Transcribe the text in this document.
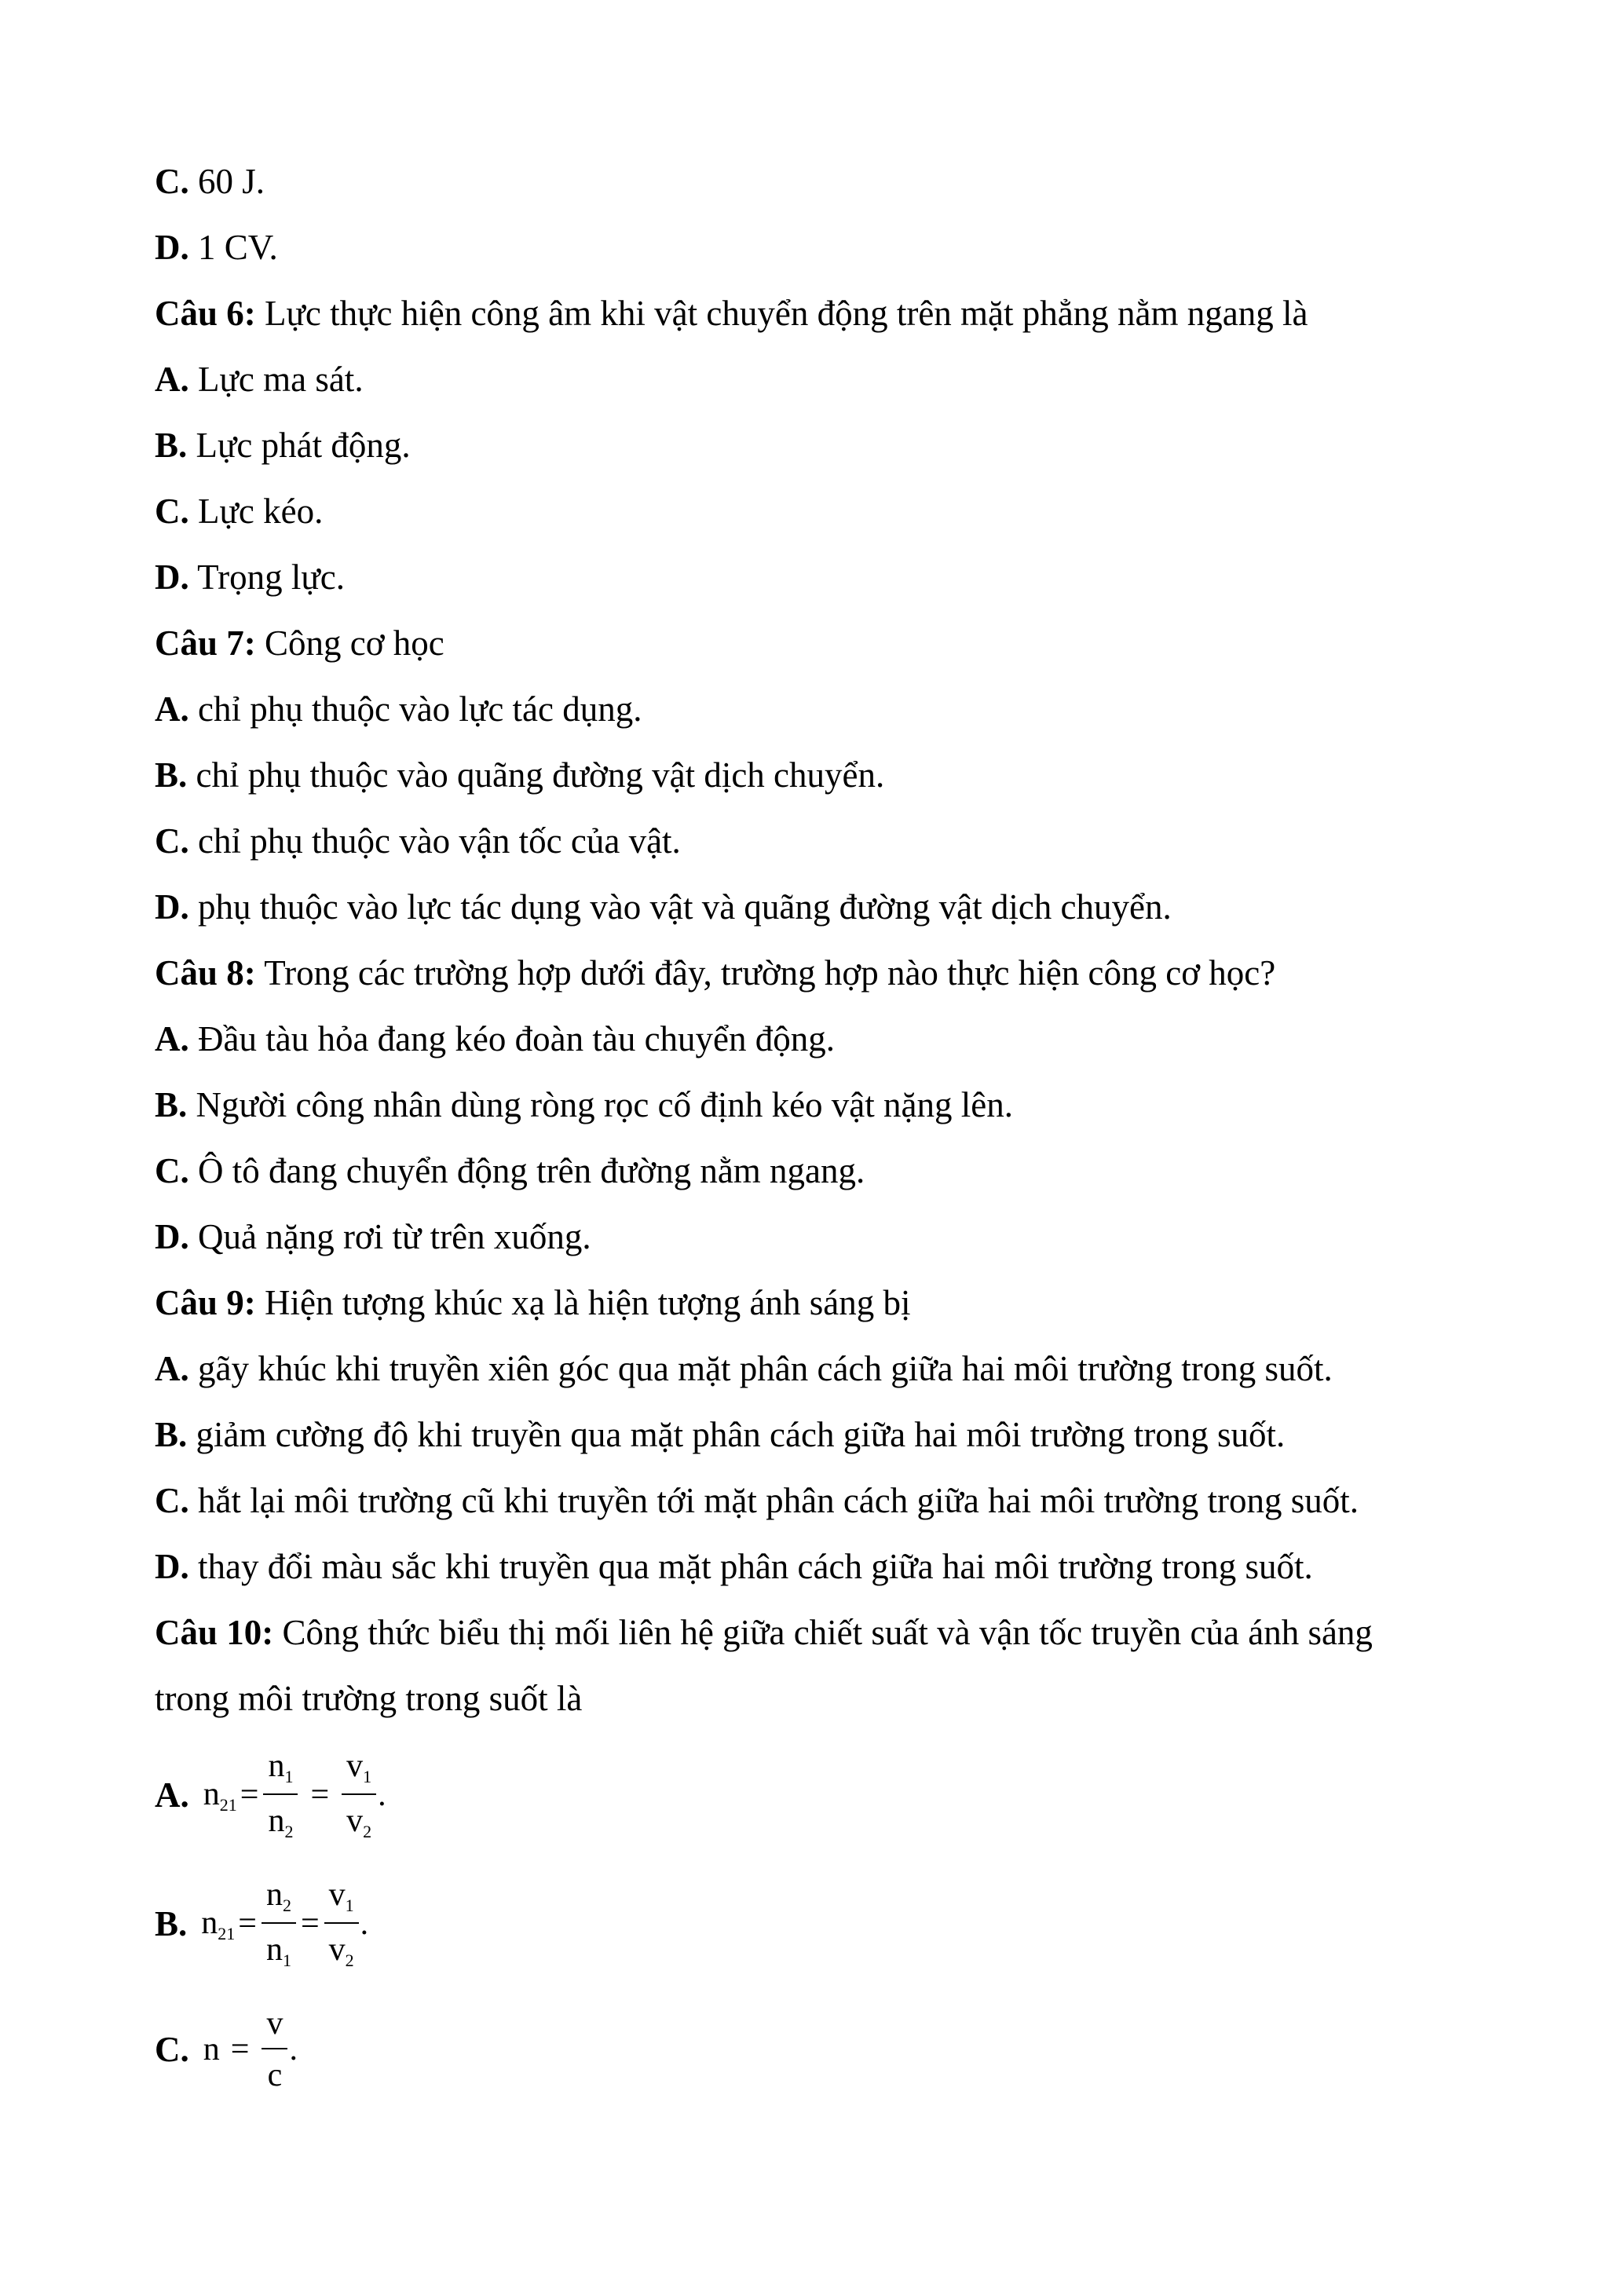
C. 60 J.
D. 1 CV.
Câu 6: Lực thực hiện công âm khi vật chuyển động trên mặt phẳng nằm ngang là
A. Lực ma sát.
B. Lực phát động.
C. Lực kéo.
D. Trọng lực.
Câu 7: Công cơ học
A. chỉ phụ thuộc vào lực tác dụng.
B. chỉ phụ thuộc vào quãng đường vật dịch chuyển.
C. chỉ phụ thuộc vào vận tốc của vật.
D. phụ thuộc vào lực tác dụng vào vật và quãng đường vật dịch chuyển.
Câu 8: Trong các trường hợp dưới đây, trường hợp nào thực hiện công cơ học?
A. Đầu tàu hỏa đang kéo đoàn tàu chuyển động.
B. Người công nhân dùng ròng rọc cố định kéo vật nặng lên.
C. Ô tô đang chuyển động trên đường nằm ngang.
D. Quả nặng rơi từ trên xuống.
Câu 9: Hiện tượng khúc xạ là hiện tượng ánh sáng bị
A. gãy khúc khi truyền xiên góc qua mặt phân cách giữa hai môi trường trong suốt.
B. giảm cường độ khi truyền qua mặt phân cách giữa hai môi trường trong suốt.
C. hắt lại môi trường cũ khi truyền tới mặt phân cách giữa hai môi trường trong suốt.
D. thay đổi màu sắc khi truyền qua mặt phân cách giữa hai môi trường trong suốt.
Câu 10: Công thức biểu thị mối liên hệ giữa chiết suất và vận tốc truyền của ánh sáng
trong môi trường trong suốt là
A. $n_{21} = \frac{n_1}{n_2} = \frac{v_1}{v_2}$ .
B. $n_{21} = \frac{n_2}{n_1} = \frac{v_1}{v_2}$ .
C. $n = \frac{v}{c}$ .
